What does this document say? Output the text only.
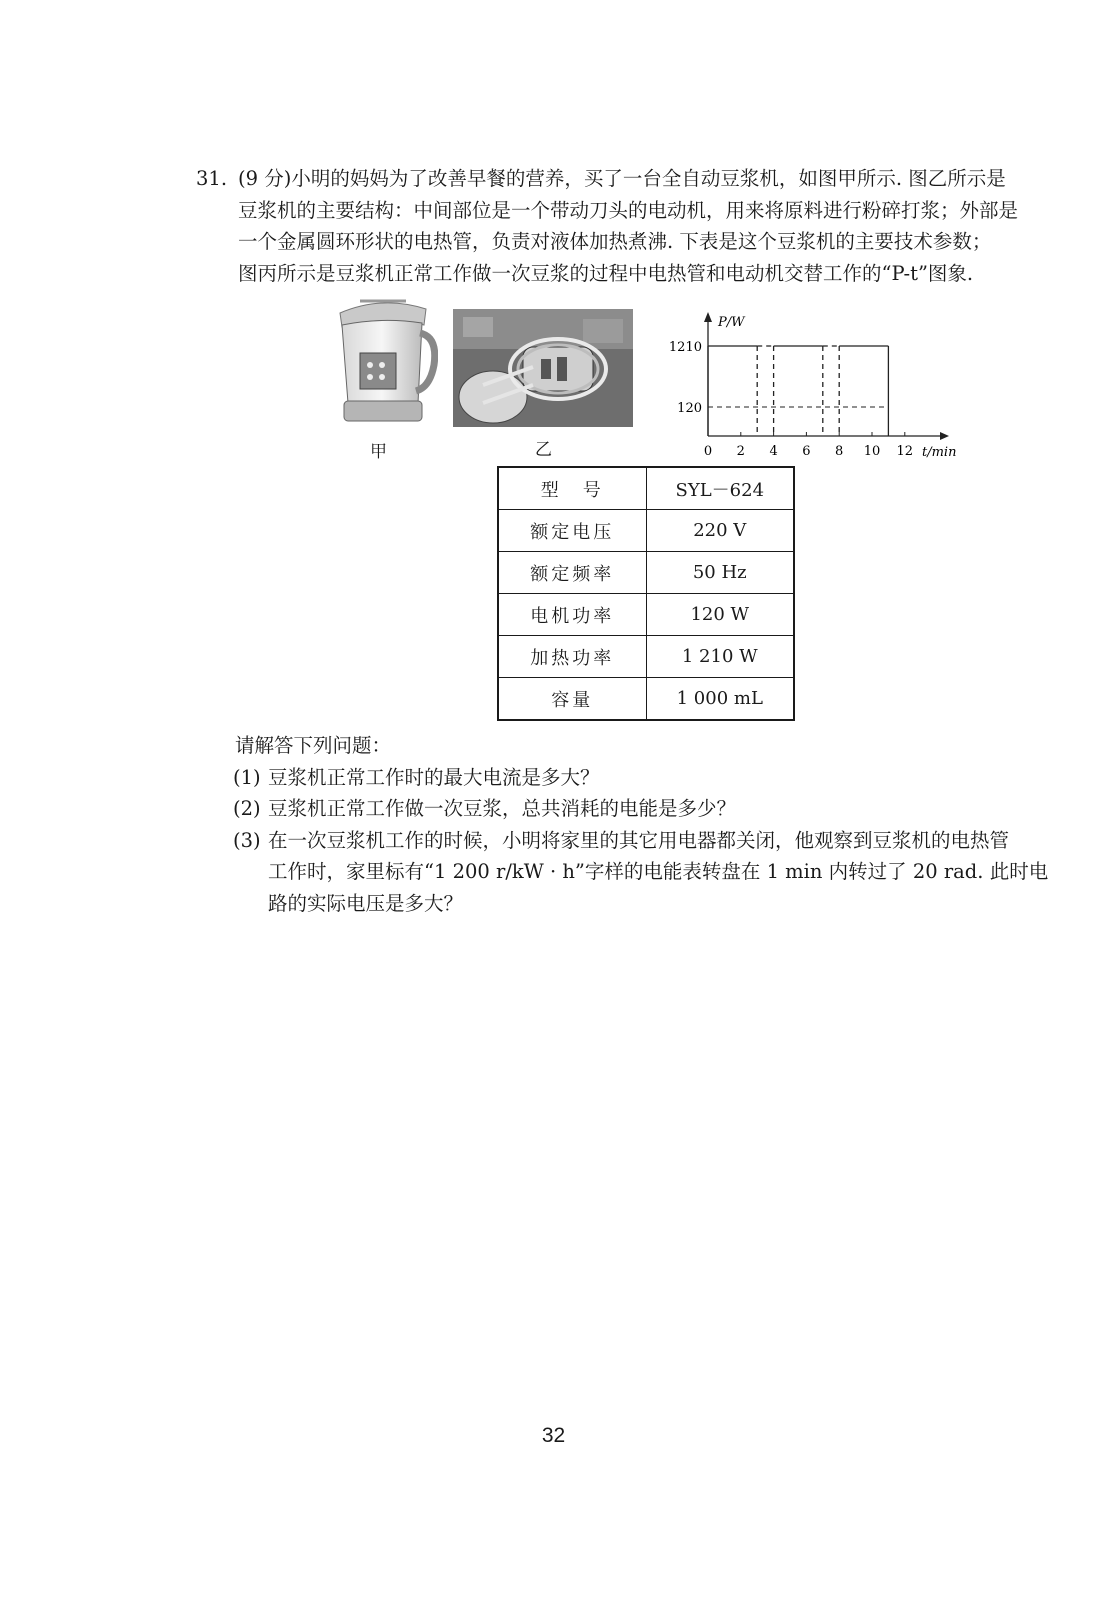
31. (9 分)小明的妈妈为了改善早餐的营养，买了一台全自动豆浆机，如图甲所示. 图乙所示是
豆浆机的主要结构：中间部位是一个带动刀头的电动机，用来将原料进行粉碎打浆；外部是
一个金属圆环形状的电热管，负责对液体加热煮沸. 下表是这个豆浆机的主要技术参数；
图丙所示是豆浆机正常工作做一次豆浆的过程中电热管和电动机交替工作的“P-t”图象.
甲	乙
P/W
t/min
0 2 4 6 8 10 12
120
1210
型　号	SYL－624
额定电压	220 V
额定频率	50 Hz
电机功率	120 W
加热功率	1 210 W
容量	1 000 mL
请解答下列问题：
(1) 豆浆机正常工作时的最大电流是多大？
(2) 豆浆机正常工作做一次豆浆，总共消耗的电能是多少？
(3) 在一次豆浆机工作的时候，小明将家里的其它用电器都关闭，他观察到豆浆机的电热管
工作时，家里标有“1 200 r/kW · h”字样的电能表转盘在 1 min 内转过了 20 rad. 此时电
路的实际电压是多大？
32
